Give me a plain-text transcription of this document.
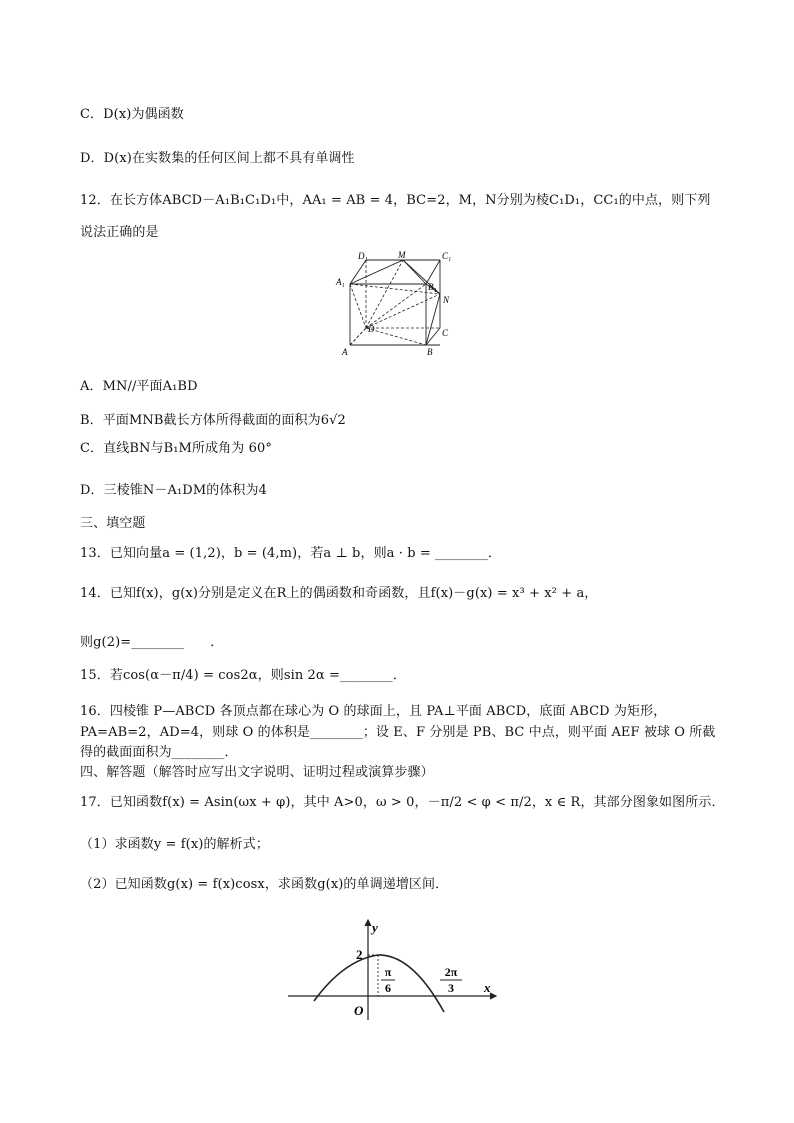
C．D(x)为偶函数
D．D(x)在实数集的任何区间上都不具有单调性
12．在长方体ABCD－A₁B₁C₁D₁中，AA₁ = AB = 4，BC=2，M，N分别为棱C₁D₁，CC₁的中点，则下列
说法正确的是
D₁	M	C₁
A₁	B₁
N
D	C
A	B
A．MN//平面A₁BD
B．平面MNB截长方体所得截面的面积为6√2
C．直线BN与B₁M所成角为 60°
D．三棱锥N－A₁DM的体积为4
三、填空题
13．已知向量a = (1,2)，b = (4,m)，若a ⊥ b，则a · b = ________．
14．已知f(x)，g(x)分别是定义在R上的偶函数和奇函数，且f(x)－g(x) = x³ + x² + a，
则g(2)=________　　．
15．若cos(α－π/4) = cos2α，则sin 2α =________．
16．四棱锥 P—ABCD 各顶点都在球心为 O 的球面上，且 PA⊥平面 ABCD，底面 ABCD 为矩形，
PA=AB=2，AD=4，则球 O 的体积是________；设 E、F 分别是 PB、BC 中点，则平面 AEF 被球 O 所截
得的截面面积为________．
四、解答题（解答时应写出文字说明、证明过程或演算步骤）
17．已知函数f(x) = Asin(ωx + φ)，其中 A>0，ω > 0，－π/2 < φ < π/2，x ∈ R，其部分图象如图所示．
（1）求函数y = f(x)的解析式；
（2）已知函数g(x) = f(x)cosx，求函数g(x)的单调递增区间．
y
x
2
O
π
6
2π
3
